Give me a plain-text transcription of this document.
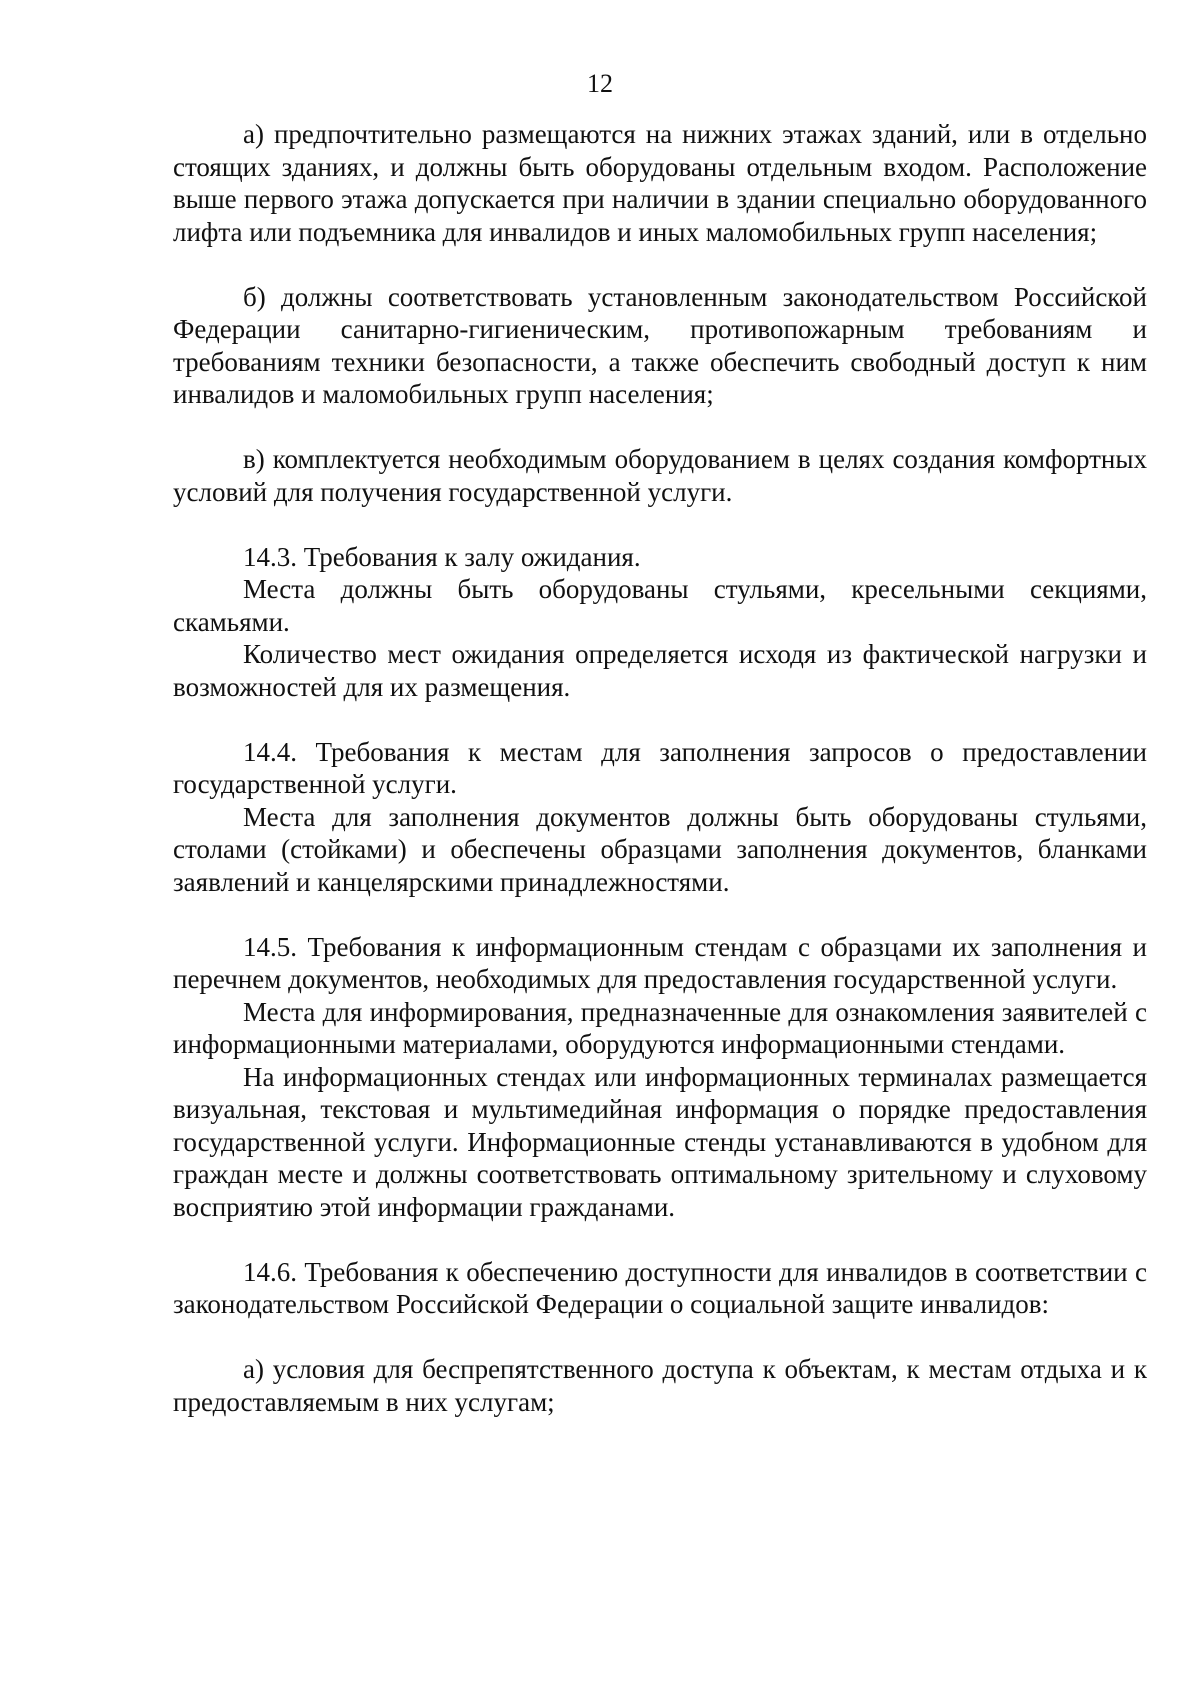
12

а) предпочтительно размещаются на нижних этажах зданий, или в отдельно стоящих зданиях, и должны быть оборудованы отдельным входом. Расположение выше первого этажа допускается при наличии в здании специально оборудованного лифта или подъемника для инвалидов и иных маломобильных групп населения;

б) должны соответствовать установленным законодательством Российской Федерации санитарно-гигиеническим, противопожарным требованиям и требованиям техники безопасности, а также обеспечить свободный доступ к ним инвалидов и маломобильных групп населения;

в) комплектуется необходимым оборудованием в целях создания комфортных условий для получения государственной услуги.

14.3. Требования к залу ожидания.

Места должны быть оборудованы стульями, кресельными секциями, скамьями.

Количество мест ожидания определяется исходя из фактической нагрузки и возможностей для их размещения.

14.4. Требования к местам для заполнения запросов о предоставлении государственной услуги.

Места для заполнения документов должны быть оборудованы стульями, столами (стойками) и обеспечены образцами заполнения документов, бланками заявлений и канцелярскими принадлежностями.

14.5. Требования к информационным стендам с образцами их заполнения и перечнем документов, необходимых для предоставления государственной услуги.

Места для информирования, предназначенные для ознакомления заявителей с информационными материалами, оборудуются информационными стендами.

На информационных стендах или информационных терминалах размещается визуальная, текстовая и мультимедийная информация о порядке предоставления государственной услуги. Информационные стенды устанавливаются в удобном для граждан месте и должны соответствовать оптимальному зрительному и слуховому восприятию этой информации гражданами.

14.6. Требования к обеспечению доступности для инвалидов в соответствии с законодательством Российской Федерации о социальной защите инвалидов:

а) условия для беспрепятственного доступа к объектам, к местам отдыха и к предоставляемым в них услугам;
